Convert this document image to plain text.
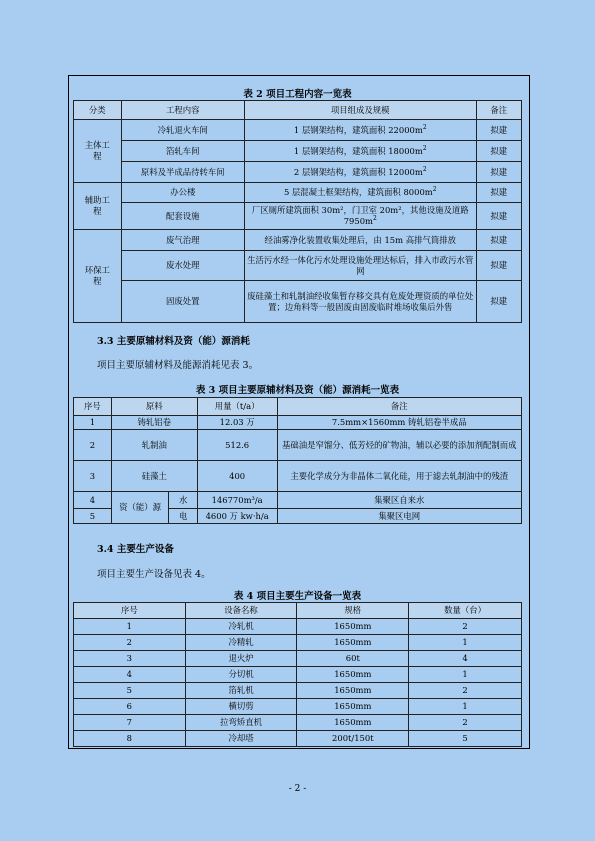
表 2 项目工程内容一览表
分类	工程内容	项目组成及规模	备注
主体工程	冷轧退火车间	1 层钢架结构，建筑面积 $22000m^2$	拟建
	箔轧车间	1 层钢架结构，建筑面积 $18000m^2$	拟建
	原料及半成品待转车间	2 层钢架结构，建筑面积 $12000m^2$	拟建
辅助工程	办公楼	5 层混凝土框架结构，建筑面积 $8000m^2$	拟建
	配套设施	厂区厕所建筑面积 30m²，门卫室 20m²，其他设施及道路 $7950m^2$	拟建
环保工程	废气治理	经油雾净化装置收集处理后，由 15m 高排气筒排放	拟建
	废水处理	生活污水经一体化污水处理设施处理达标后，排入市政污水管网	拟建
	固废处置	废硅藻土和轧制油经收集暂存移交具有危废处理资质的单位处置；边角料等一般固废由固废临时堆场收集后外售	拟建
3.3 主要原辅材料及资（能）源消耗
项目主要原辅材料及能源消耗见表 3。
表 3 项目主要原辅材料及资（能）源消耗一览表
序号	原料		用量（t/a）	备注
1	铸轧铝卷		12.03 万	7.5mm×1560mm 铸轧铝卷半成品
2	轧制油		512.6	基础油是窄馏分、低芳烃的矿物油，辅以必要的添加剂配制而成
3	硅藻土		400	主要化学成分为非晶体二氧化硅，用于滤去轧制油中的残渣
4	资（能）源	水	146770m³/a	集聚区自来水
5		电	4600 万 kw·h/a	集聚区电网
3.4 主要生产设备
项目主要生产设备见表 4。
表 4 项目主要生产设备一览表
序号	设备名称	规格	数量（台）
1	冷轧机	1650mm	2
2	冷精轧	1650mm	1
3	退火炉	60t	4
4	分切机	1650mm	1
5	箔轧机	1650mm	2
6	横切剪	1650mm	1
7	拉弯矫直机	1650mm	2
8	冷却塔	200t/150t	5
- 2 -
